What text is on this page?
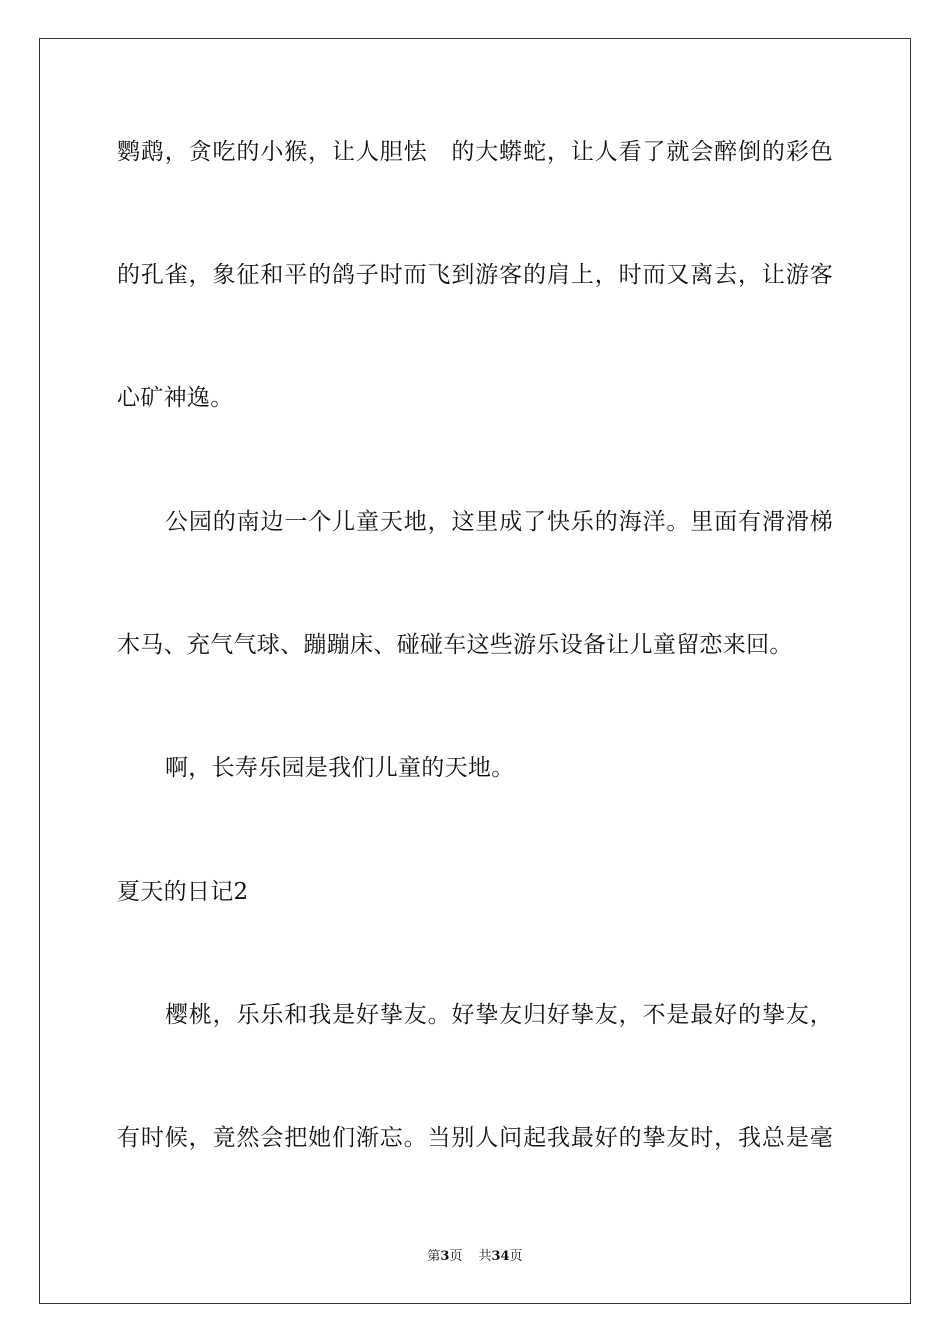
鹦鹉，贪吃的小猴，让人胆怯　的大蟒蛇，让人看了就会醉倒的彩色
的孔雀，象征和平的鸽子时而飞到游客的肩上，时而又离去，让游客
心矿神逸。
公园的南边一个儿童天地，这里成了快乐的海洋。里面有滑滑梯
木马、充气气球、蹦蹦床、碰碰车这些游乐设备让儿童留恋来回。
啊，长寿乐园是我们儿童的天地。
夏天的日记2
樱桃，乐乐和我是好挚友。好挚友归好挚友，不是最好的挚友，
有时候，竟然会把她们渐忘。当别人问起我最好的挚友时，我总是毫
第3页 共34页
